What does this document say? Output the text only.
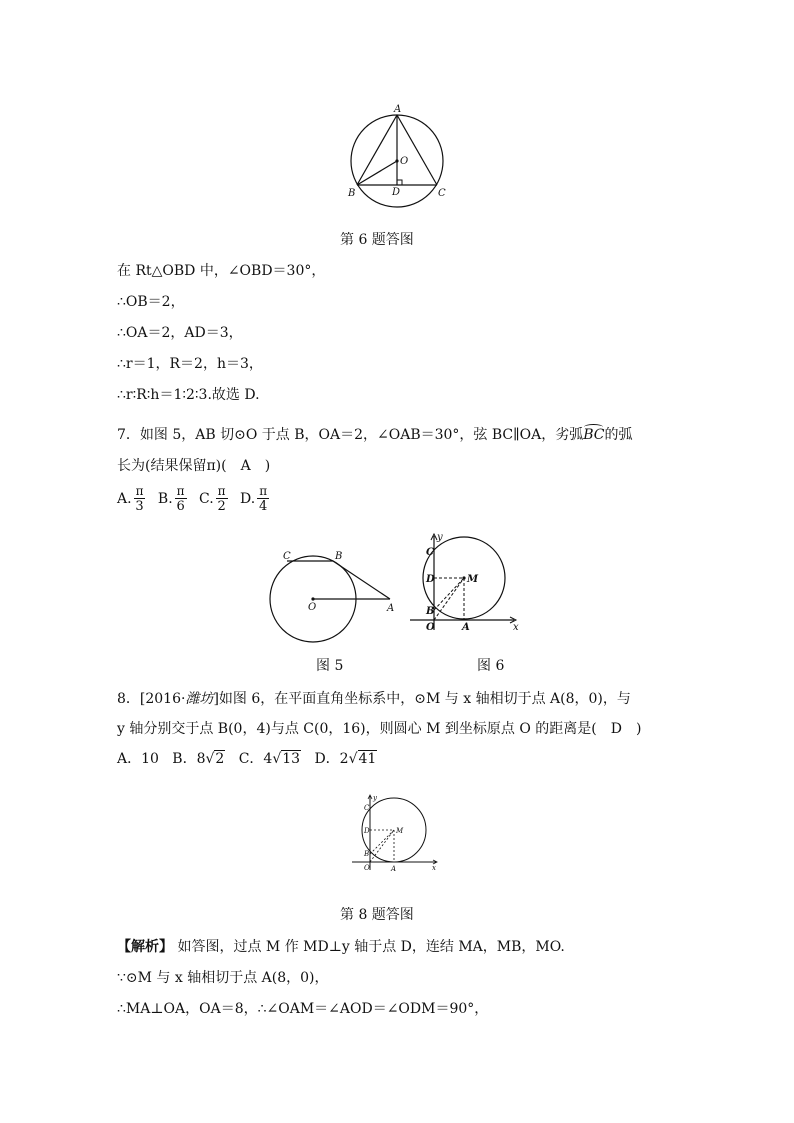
A
O
B	D	C
第 6 题答图
在 Rt△OBD 中，∠OBD＝30°，
∴OB＝2，
∴OA＝2，AD＝3，
∴r＝1，R＝2，h＝3，
∴r∶R∶h＝1∶2∶3.故选 D.
7．如图 5，AB 切⊙O 于点 B，OA＝2，∠OAB＝30°，弦 BC∥OA，劣弧BC
的弧
长为(结果保留π)(　A　)
A. $\frac{\pi}{3} B$. $\frac{\pi}{6} C$. $\frac{\pi}{2} D$. $\frac{\pi}{4}$
C	B
O	A
图 5
y
x
C
D	M
B
O	A
图 6
8．[2016·潍坊]如图 6，在平面直角坐标系中，⊙M 与 x 轴相切于点 A(8，0)，与
y 轴分别交于点 B(0，4)与点 C(0，16)，则圆心 M 到坐标原点 O 的距离是(　D　)
A．10 B．8√2 C．4√13 D．2√41
y
x
C
D	M
B
O	A
第 8 题答图
【解析】 如答图，过点 M 作 MD⊥y 轴于点 D，连结 MA，MB，MO.
∵⊙M 与 x 轴相切于点 A(8，0)，
∴MA⊥OA，OA＝8，∴∠OAM＝∠AOD＝∠ODM＝90°，
